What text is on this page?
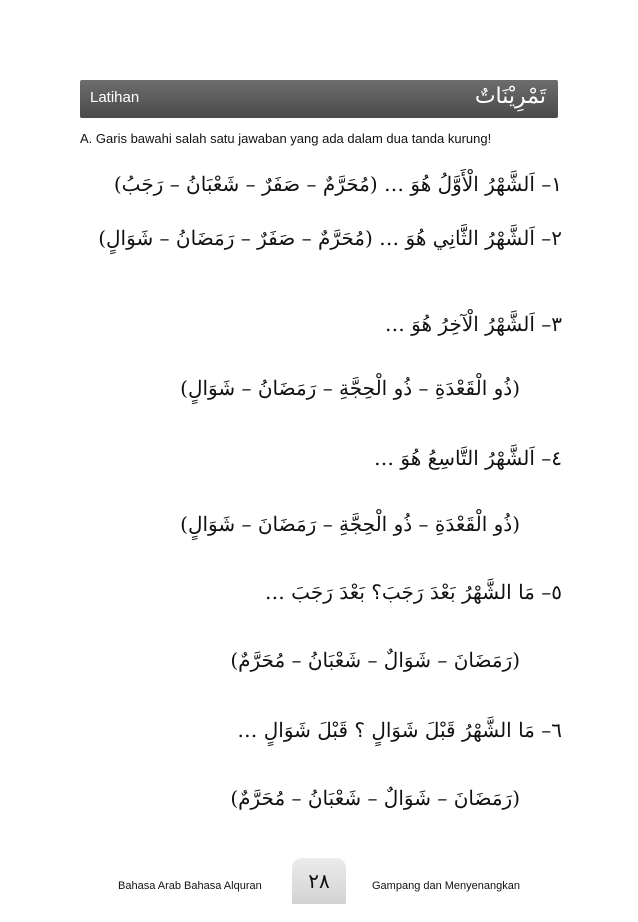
Latihan	تَمْرِيْنَاتٌ
A. Garis bawahi salah satu jawaban yang ada dalam dua tanda kurung!
١– اَلشَّهْرُ الْأَوَّلُ هُوَ … (مُحَرَّمٌ – صَفَرٌ – شَعْبَانُ – رَجَبُ)
٢– اَلشَّهْرُ الثَّانِي هُوَ … (مُحَرَّمٌ – صَفَرٌ – رَمَضَانُ – شَوَالٍ)
٣– اَلشَّهْرُ الْآخِرُ هُوَ …
(ذُو الْقَعْدَةِ – ذُو الْحِجَّةِ – رَمَضَانُ – شَوَالٍ)
٤– اَلشَّهْرُ التَّاسِعُ هُوَ …
(ذُو الْقَعْدَةِ – ذُو الْحِجَّةِ – رَمَضَانَ – شَوَالٍ)
٥– مَا الشَّهْرُ بَعْدَ رَجَبَ؟ بَعْدَ رَجَبَ …
(رَمَضَانَ – شَوَالٌ – شَعْبَانُ – مُحَرَّمٌ)
٦– مَا الشَّهْرُ قَبْلَ شَوَالٍ ؟ قَبْلَ شَوَالٍ …
(رَمَضَانَ – شَوَالٌ – شَعْبَانُ – مُحَرَّمٌ)
Bahasa Arab Bahasa Alquran	٢٨	Gampang dan Menyenangkan
